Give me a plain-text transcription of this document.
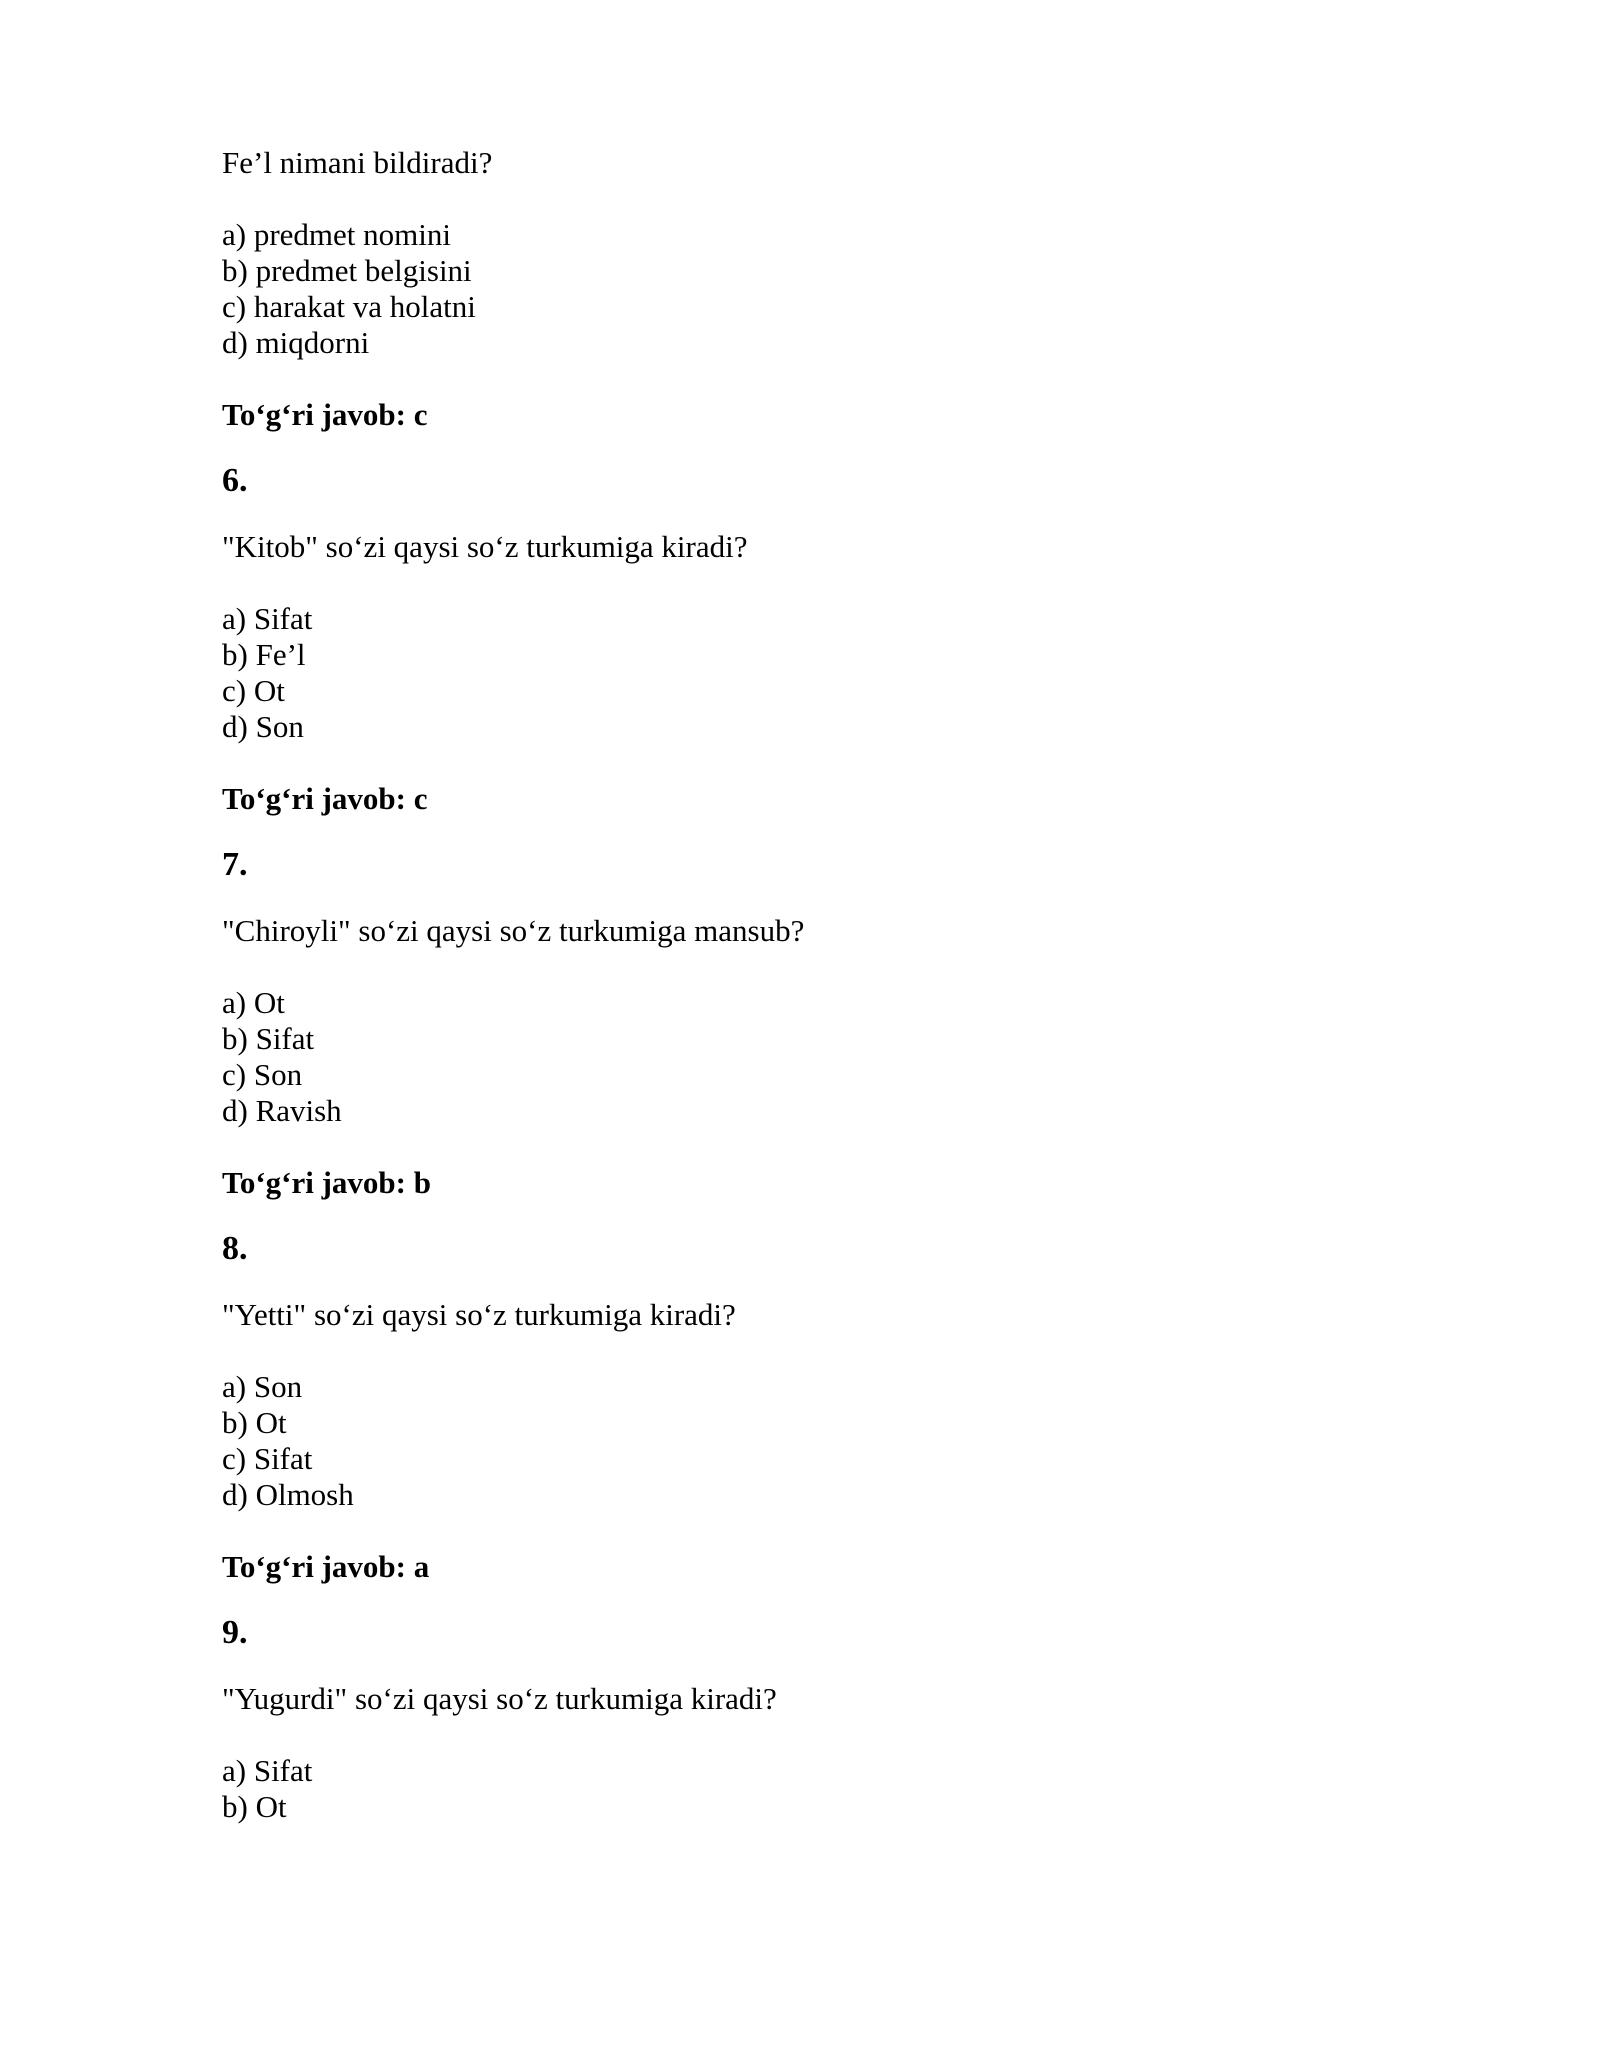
Fe’l nimani bildiradi?
a) predmet nomini
b) predmet belgisini
c) harakat va holatni
d) miqdorni
To‘g‘ri javob: c
6.
"Kitob" so‘zi qaysi so‘z turkumiga kiradi?
a) Sifat
b) Fe’l
c) Ot
d) Son
To‘g‘ri javob: c
7.
"Chiroyli" so‘zi qaysi so‘z turkumiga mansub?
a) Ot
b) Sifat
c) Son
d) Ravish
To‘g‘ri javob: b
8.
"Yetti" so‘zi qaysi so‘z turkumiga kiradi?
a) Son
b) Ot
c) Sifat
d) Olmosh
To‘g‘ri javob: a
9.
"Yugurdi" so‘zi qaysi so‘z turkumiga kiradi?
a) Sifat
b) Ot
